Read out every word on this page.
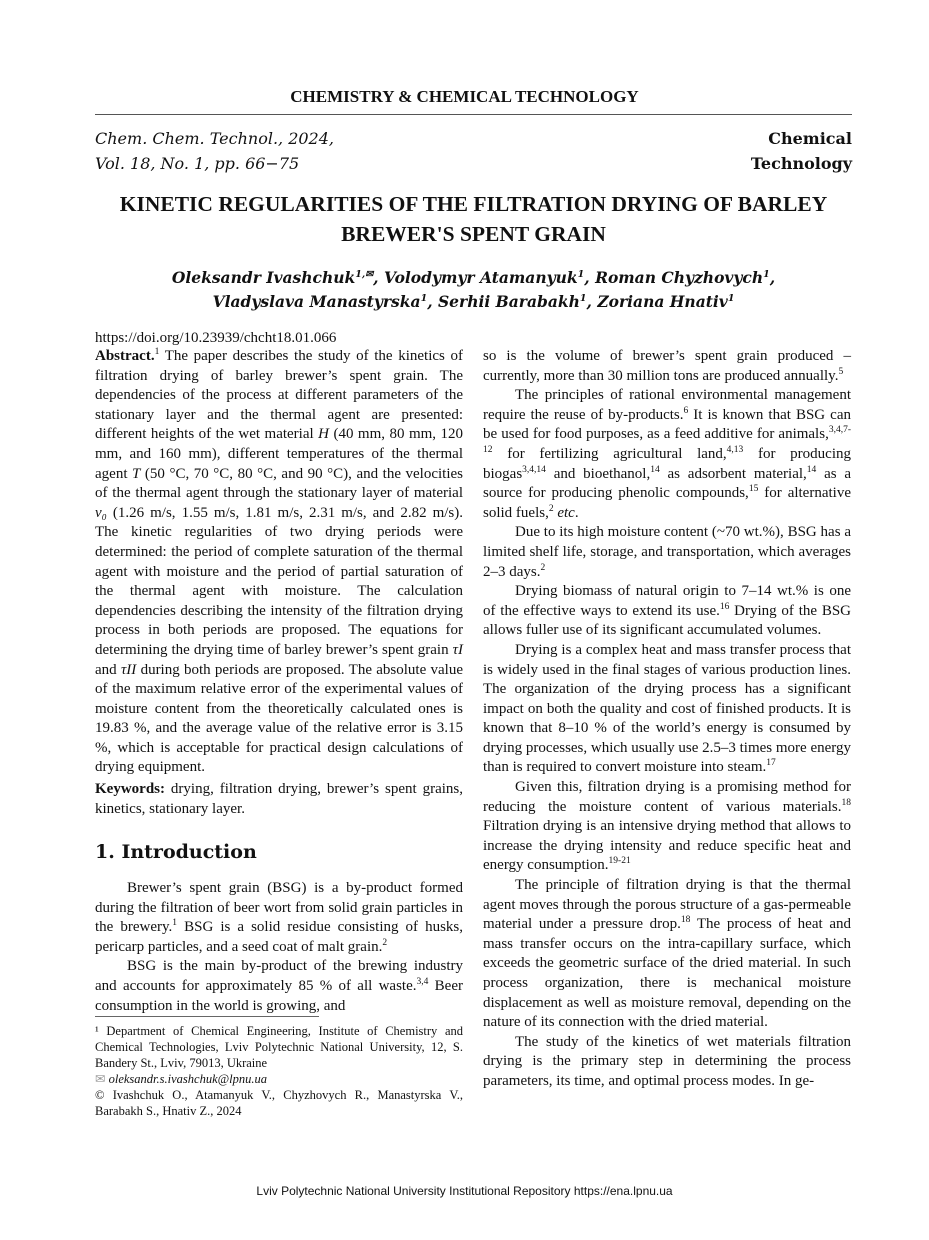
CHEMISTRY & CHEMICAL TECHNOLOGY
Chem. Chem. Technol., 2024,
Vol. 18, No. 1, pp. 66−75
Chemical
Technology
KINETIC REGULARITIES OF THE FILTRATION DRYING OF BARLEY
BREWER'S SPENT GRAIN
Oleksandr Ivashchuk$^{1,✉}$, Volodymyr Atamanyuk$^1$, Roman Chyzhovych$^1$,
Vladyslava Manastyrska$^1$, Serhii Barabakh$^1$, Zoriana Hnativ$^1$
https://doi.org/10.23939/chcht18.01.066

Abstract.$^1$ The paper describes the study of the kinetics of filtration drying of barley brewer’s spent grain. The dependencies of the process at different parameters of the stationary layer and the thermal agent are presented: different heights of the wet material H (40 mm, 80 mm, 120 mm, and 160 mm), different temperatures of the thermal agent T (50 °C, 70 °C, 80 °C, and 90 °C), and the velocities of the thermal agent through the stationary layer of material v₀ (1.26 m/s, 1.55 m/s, 1.81 m/s, 2.31 m/s, and 2.82 m/s). The kinetic regularities of two drying periods were determined: the period of complete saturation of the thermal agent with moisture and the period of partial saturation of the thermal agent with moisture. The calculation dependencies describing the intensity of the filtration drying process in both periods are proposed. The equations for determining the drying time of barley brewer’s spent grain τI and τII during both periods are proposed. The absolute value of the maximum relative error of the experimental values of moisture content from the theoretically calculated ones is 19.83 %, and the average value of the relative error is 3.15 %, which is acceptable for practical design calculations of drying equipment.

Keywords: drying, filtration drying, brewer’s spent grains, kinetics, stationary layer.

1. Introduction

Brewer’s spent grain (BSG) is a by-product formed during the filtration of beer wort from solid grain particles in the brewery.$^1$ BSG is a solid residue consisting of husks, pericarp particles, and a seed coat of malt grain.$^2$

BSG is the main by-product of the brewing industry and accounts for approximately 85 % of all waste.$^{3,4}$ Beer consumption in the world is growing, and

¹ Department of Chemical Engineering, Institute of Chemistry and Chemical Technologies, Lviv Polytechnic National University, 12, S. Bandery St., Lviv, 79013, Ukraine
✉ oleksandr.s.ivashchuk@lpnu.ua
© Ivashchuk O., Atamanyuk V., Chyzhovych R., Manastyrska V., Barabakh S., Hnativ Z., 2024

so is the volume of brewer’s spent grain produced – currently, more than 30 million tons are produced annually.$^5$

The principles of rational environmental management require the reuse of by-products.$^6$ It is known that BSG can be used for food purposes, as a feed additive for animals,$^{3,4,7-12}$ for fertilizing agricultural land,$^{4,13}$ for producing biogas$^{3,4,14}$ and bioethanol,$^{14}$ as adsorbent material,$^{14}$ as a source for producing phenolic compounds,$^{15}$ for alternative solid fuels,$^2$ etc.

Due to its high moisture content (~70 wt.%), BSG has a limited shelf life, storage, and transportation, which averages 2–3 days.$^2$

Drying biomass of natural origin to 7–14 wt.% is one of the effective ways to extend its use.$^{16}$ Drying of the BSG allows fuller use of its significant accumulated volumes.

Drying is a complex heat and mass transfer process that is widely used in the final stages of various production lines. The organization of the drying process has a significant impact on both the quality and cost of finished products. It is known that 8–10 % of the world’s energy is consumed by drying processes, which usually use 2.5–3 times more energy than is required to convert moisture into steam.$^{17}$

Given this, filtration drying is a promising method for reducing the moisture content of various materials.$^{18}$ Filtration drying is an intensive drying method that allows to increase the drying intensity and reduce specific heat and energy consumption.$^{19-21}$

The principle of filtration drying is that the thermal agent moves through the porous structure of a gas-permeable material under a pressure drop.$^{18}$ The process of heat and mass transfer occurs on the intra-capillary surface, which exceeds the geometric surface of the dried material. In such process organization, there is mechanical moisture displacement as well as moisture removal, depending on the nature of its connection with the dried material.

The study of the kinetics of wet materials filtration drying is the primary step in determining the process parameters, its time, and optimal process modes. In ge-

Lviv Polytechnic National University Institutional Repository https://ena.lpnu.ua
